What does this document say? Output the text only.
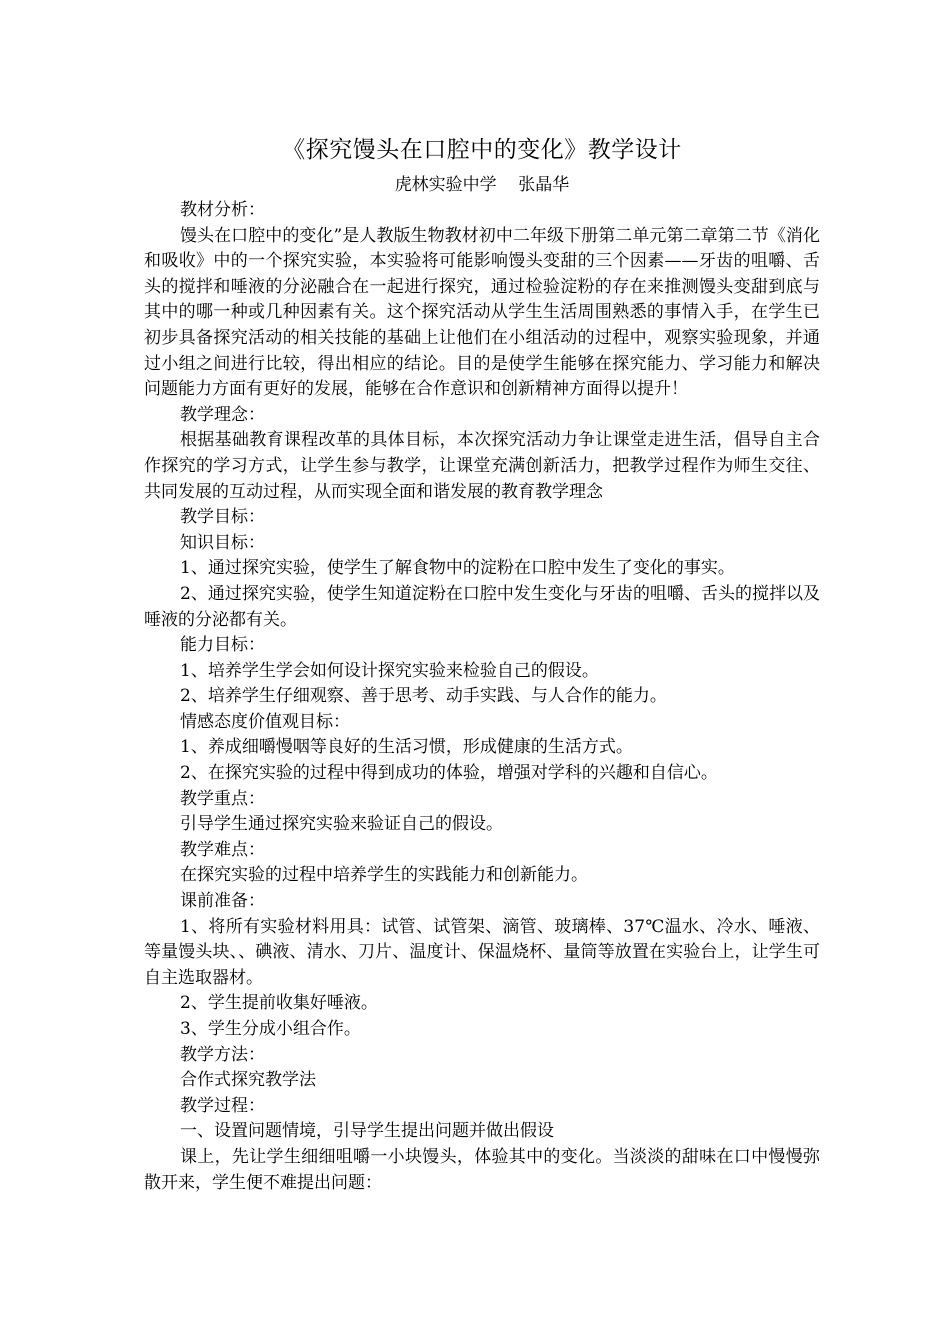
《探究馒头在口腔中的变化》教学设计

虎林实验中学    张晶华

教材分析：

馒头在口腔中的变化”是人教版生物教材初中二年级下册第二单元第二章第二节《消化和吸收》中的一个探究实验，本实验将可能影响馒头变甜的三个因素——牙齿的咀嚼、舌头的搅拌和唾液的分泌融合在一起进行探究，通过检验淀粉的存在来推测馒头变甜到底与其中的哪一种或几种因素有关。这个探究活动从学生生活周围熟悉的事情入手，在学生已初步具备探究活动的相关技能的基础上让他们在小组活动的过程中，观察实验现象，并通过小组之间进行比较，得出相应的结论。目的是使学生能够在探究能力、学习能力和解决问题能力方面有更好的发展，能够在合作意识和创新精神方面得以提升！

教学理念：

根据基础教育课程改革的具体目标，本次探究活动力争让课堂走进生活，倡导自主合作探究的学习方式，让学生参与教学，让课堂充满创新活力，把教学过程作为师生交往、共同发展的互动过程，从而实现全面和谐发展的教育教学理念

教学目标：

知识目标：

1、通过探究实验，使学生了解食物中的淀粉在口腔中发生了变化的事实。

2、通过探究实验，使学生知道淀粉在口腔中发生变化与牙齿的咀嚼、舌头的搅拌以及唾液的分泌都有关。

能力目标：

1、培养学生学会如何设计探究实验来检验自己的假设。

2、培养学生仔细观察、善于思考、动手实践、与人合作的能力。

情感态度价值观目标：

1、养成细嚼慢咽等良好的生活习惯，形成健康的生活方式。

2、在探究实验的过程中得到成功的体验，增强对学科的兴趣和自信心。

教学重点：

引导学生通过探究实验来验证自己的假设。

教学难点：

在探究实验的过程中培养学生的实践能力和创新能力。

课前准备：

1、将所有实验材料用具：试管、试管架、滴管、玻璃棒、37℃温水、冷水、唾液、等量馒头块、、碘液、清水、刀片、温度计、保温烧杯、量筒等放置在实验台上，让学生可自主选取器材。

2、学生提前收集好唾液。

3、学生分成小组合作。

教学方法：

合作式探究教学法

教学过程：

一、设置问题情境，引导学生提出问题并做出假设

课上，先让学生细细咀嚼一小块馒头，体验其中的变化。当淡淡的甜味在口中慢慢弥散开来，学生便不难提出问题：
